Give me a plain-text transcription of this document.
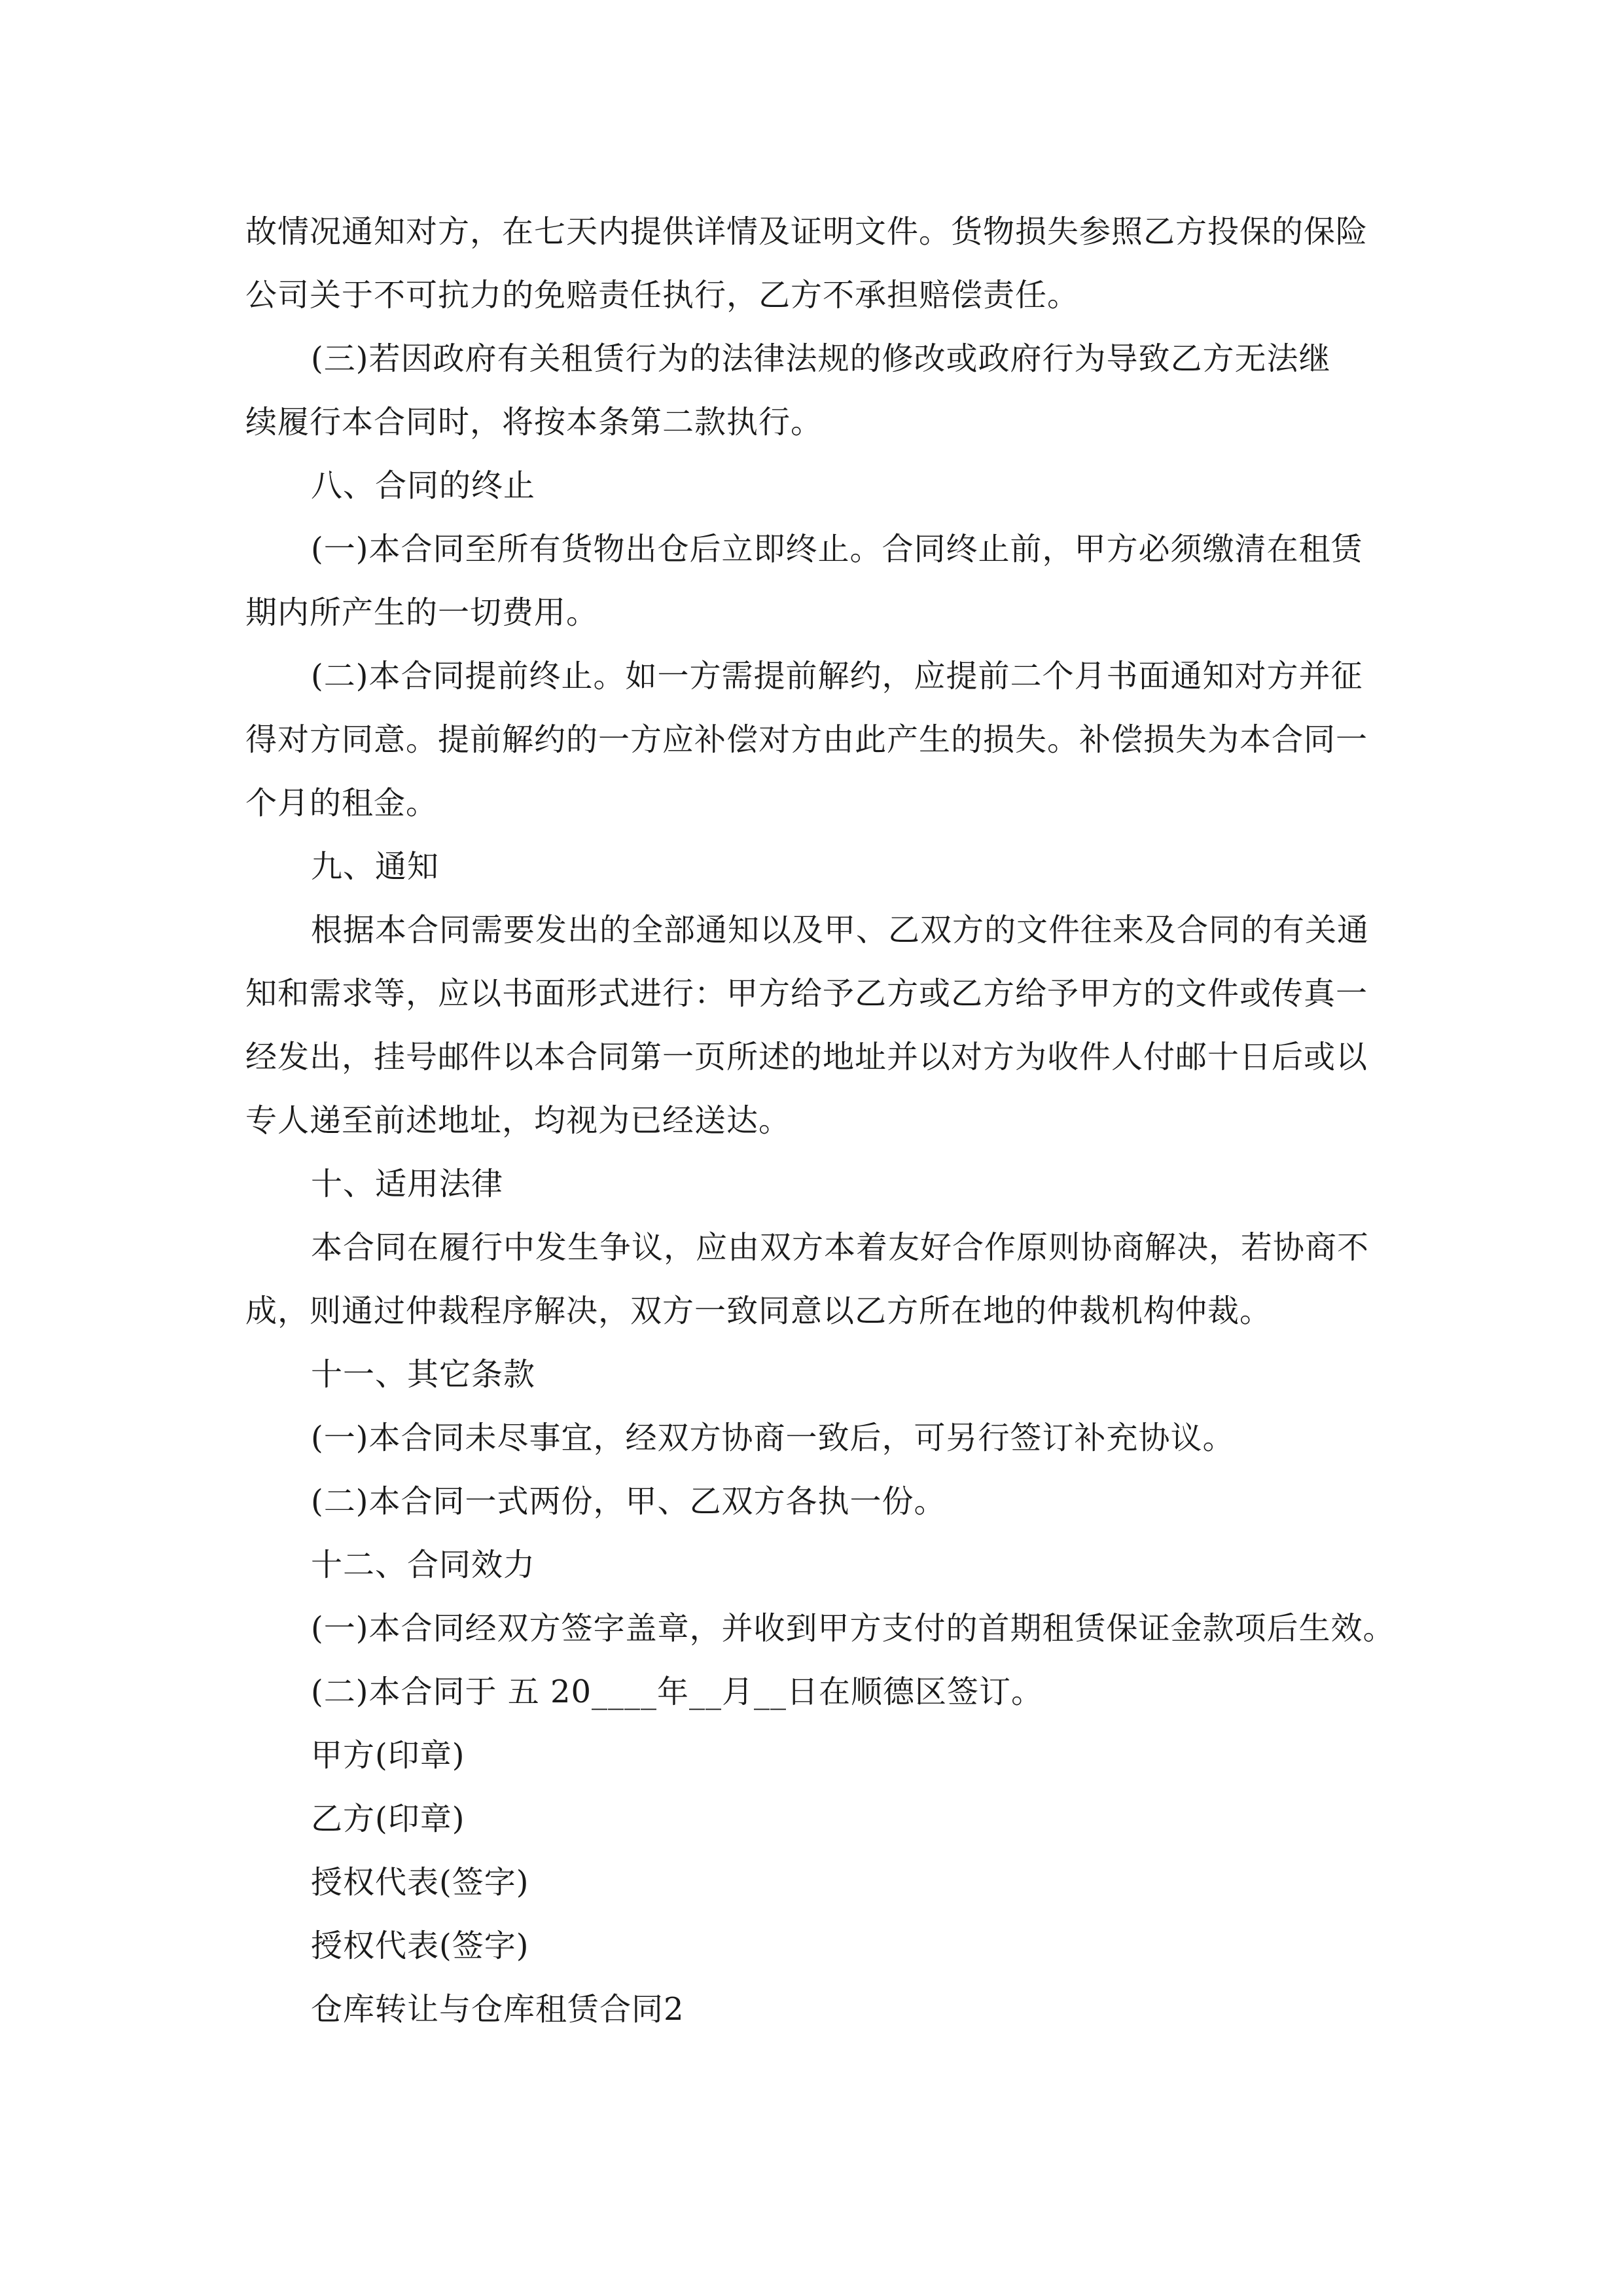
故情况通知对方，在七天内提供详情及证明文件。货物损失参照乙方投保的保险
公司关于不可抗力的免赔责任执行，乙方不承担赔偿责任。
(三)若因政府有关租赁行为的法律法规的修改或政府行为导致乙方无法继
续履行本合同时，将按本条第二款执行。
八、合同的终止
(一)本合同至所有货物出仓后立即终止。合同终止前，甲方必须缴清在租赁
期内所产生的一切费用。
(二)本合同提前终止。如一方需提前解约，应提前二个月书面通知对方并征
得对方同意。提前解约的一方应补偿对方由此产生的损失。补偿损失为本合同一
个月的租金。
九、通知
根据本合同需要发出的全部通知以及甲、乙双方的文件往来及合同的有关通
知和需求等，应以书面形式进行：甲方给予乙方或乙方给予甲方的文件或传真一
经发出，挂号邮件以本合同第一页所述的地址并以对方为收件人付邮十日后或以
专人递至前述地址，均视为已经送达。
十、适用法律
本合同在履行中发生争议，应由双方本着友好合作原则协商解决，若协商不
成，则通过仲裁程序解决，双方一致同意以乙方所在地的仲裁机构仲裁。
十一、其它条款
(一)本合同未尽事宜，经双方协商一致后，可另行签订补充协议。
(二)本合同一式两份，甲、乙双方各执一份。
十二、合同效力
(一)本合同经双方签字盖章，并收到甲方支付的首期租赁保证金款项后生效。
(二)本合同于 五 20____年__月__日在顺德区签订。
甲方(印章)
乙方(印章)
授权代表(签字)
授权代表(签字)
仓库转让与仓库租赁合同2
